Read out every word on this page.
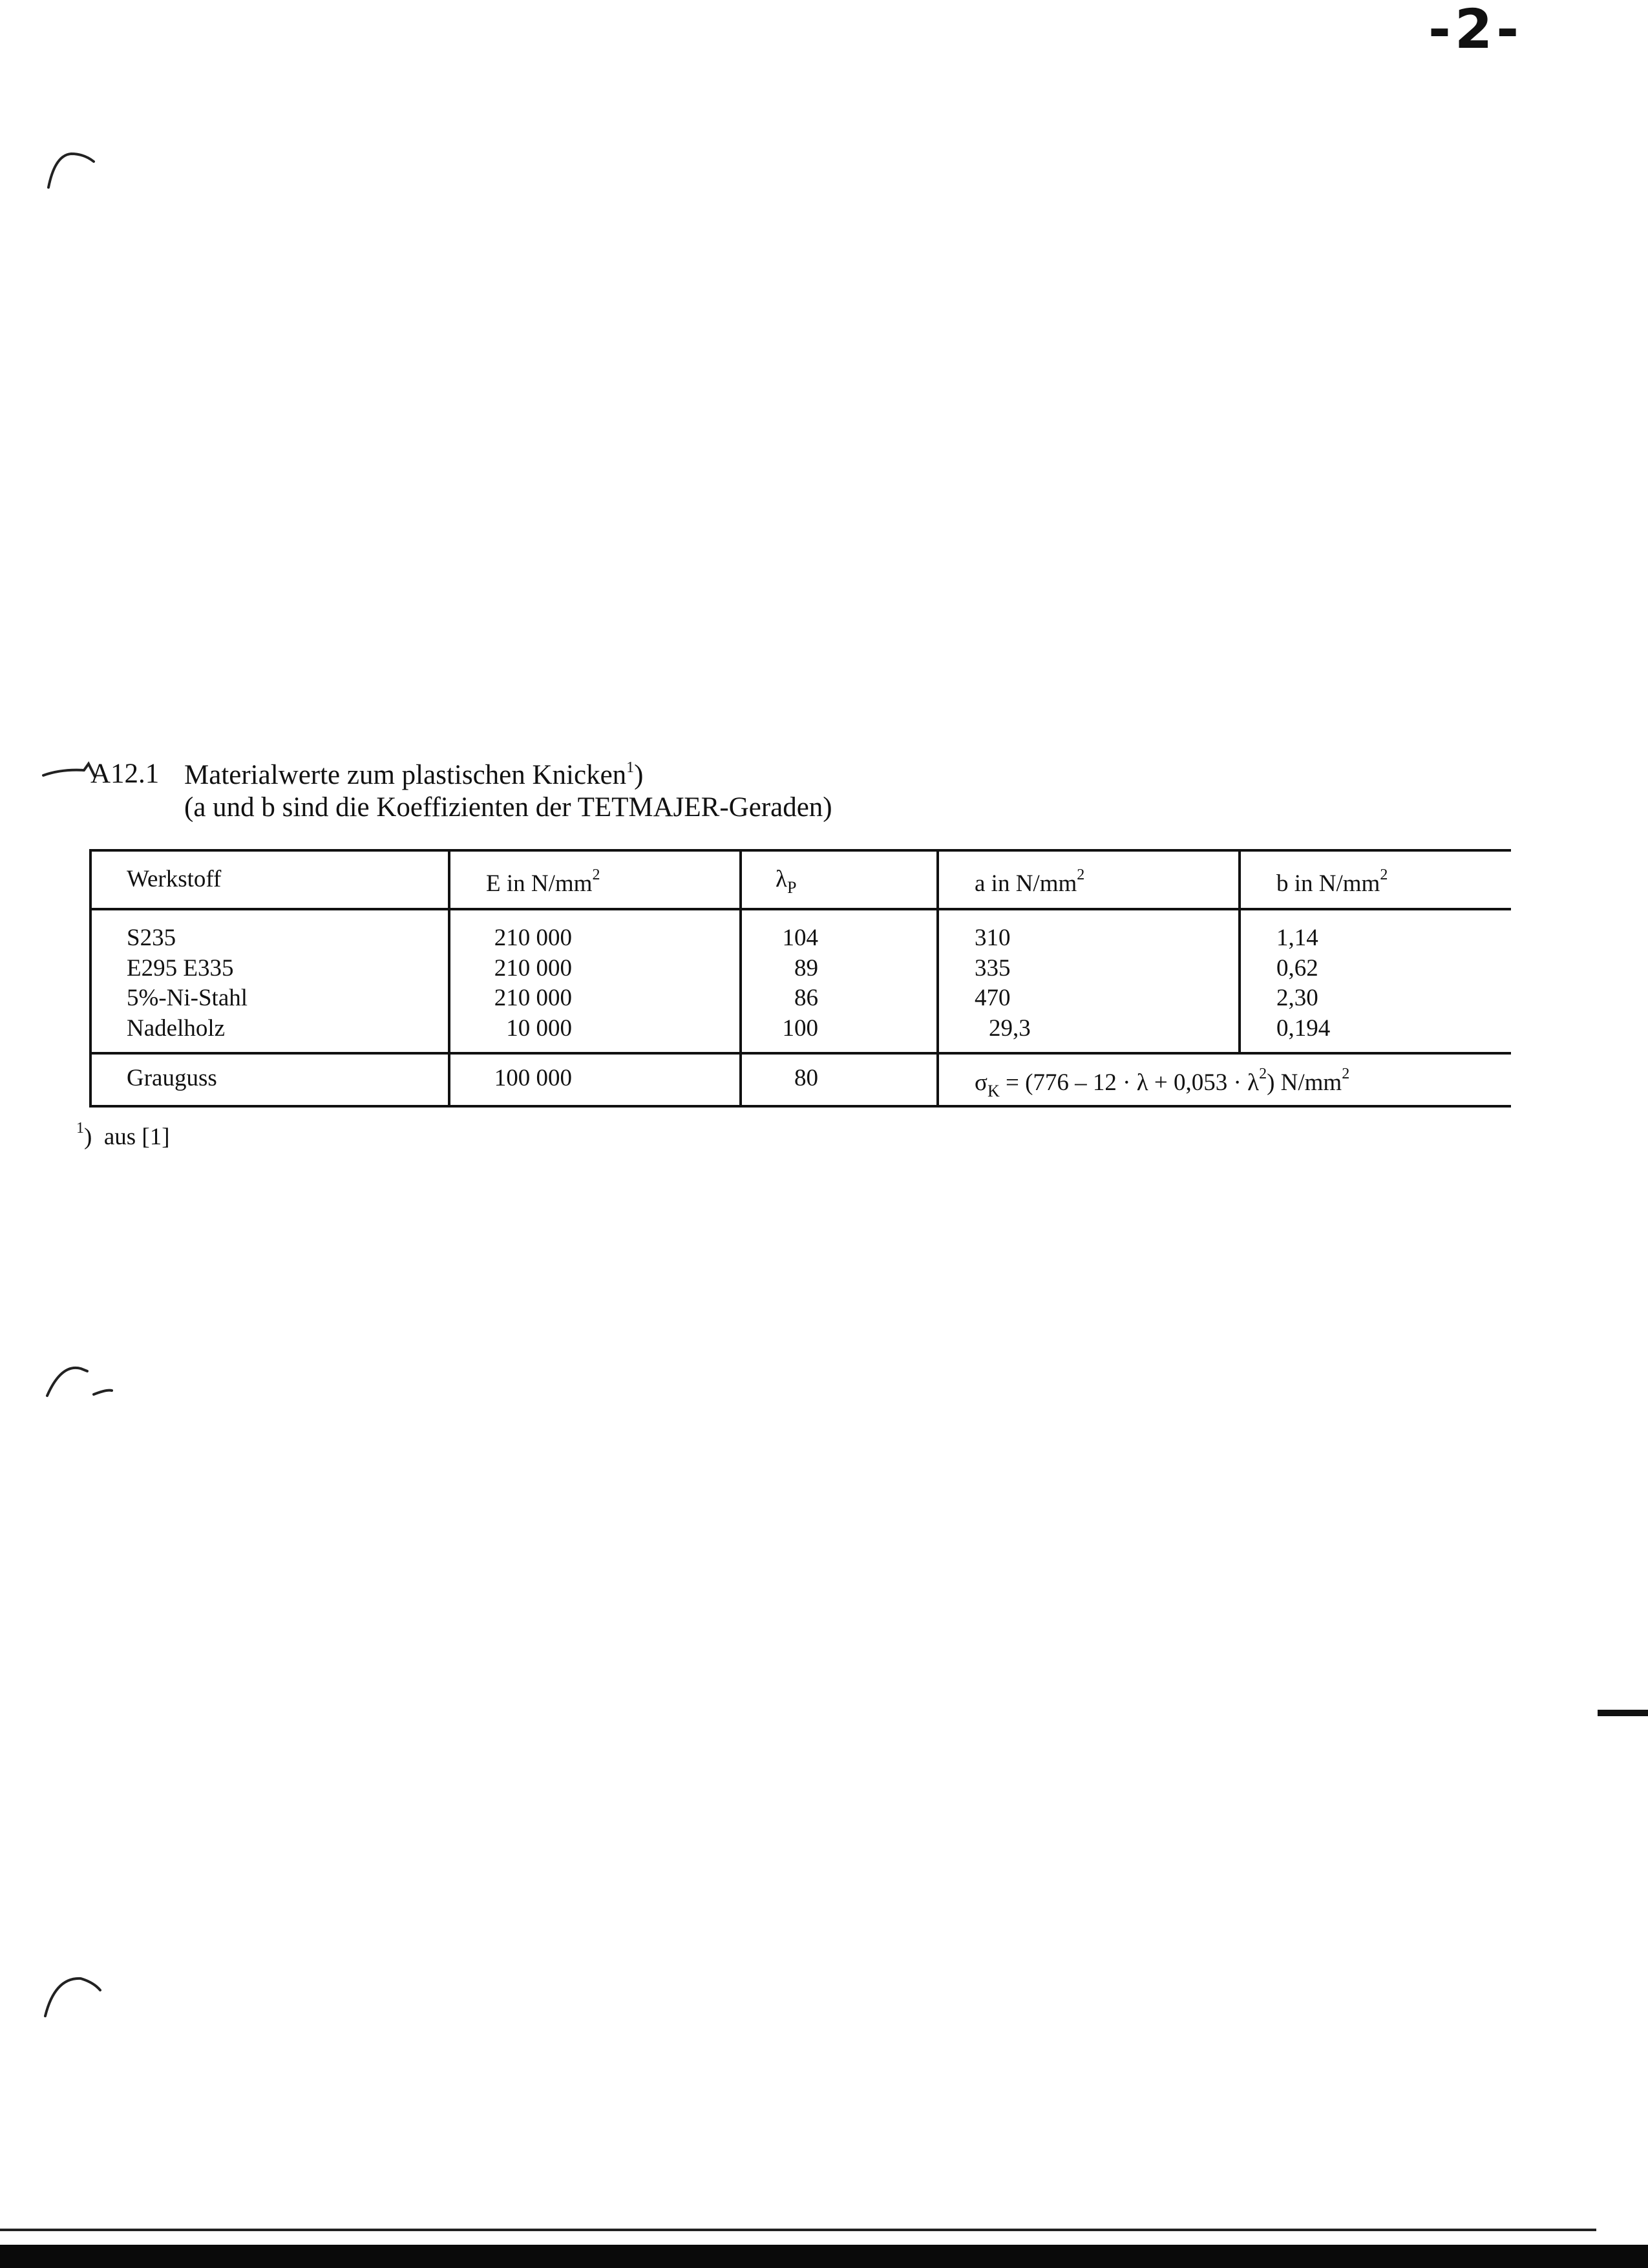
-2-
A12.1 Materialwerte zum plastischen Knicken$^1$)
(a und b sind die Koeffizienten der TETMAJER-Geraden)
Werkstoff	E in $N/mm^2$	$\lambda_P$	a in $N/mm^2$	b in $N/mm^2$
S235	210 000	104	310	1,14
E295 E335	210 000	89	335	0,62
5%-Ni-Stahl	210 000	86	470	2,30
Nadelholz	10 000	100	29,3	0,194
Grauguss	100 000	80	$\sigma_K = (776 - 12 \cdot \lambda + 0,053 \cdot \lambda^2)$ $N/mm^2$
$^1$) aus [1]
